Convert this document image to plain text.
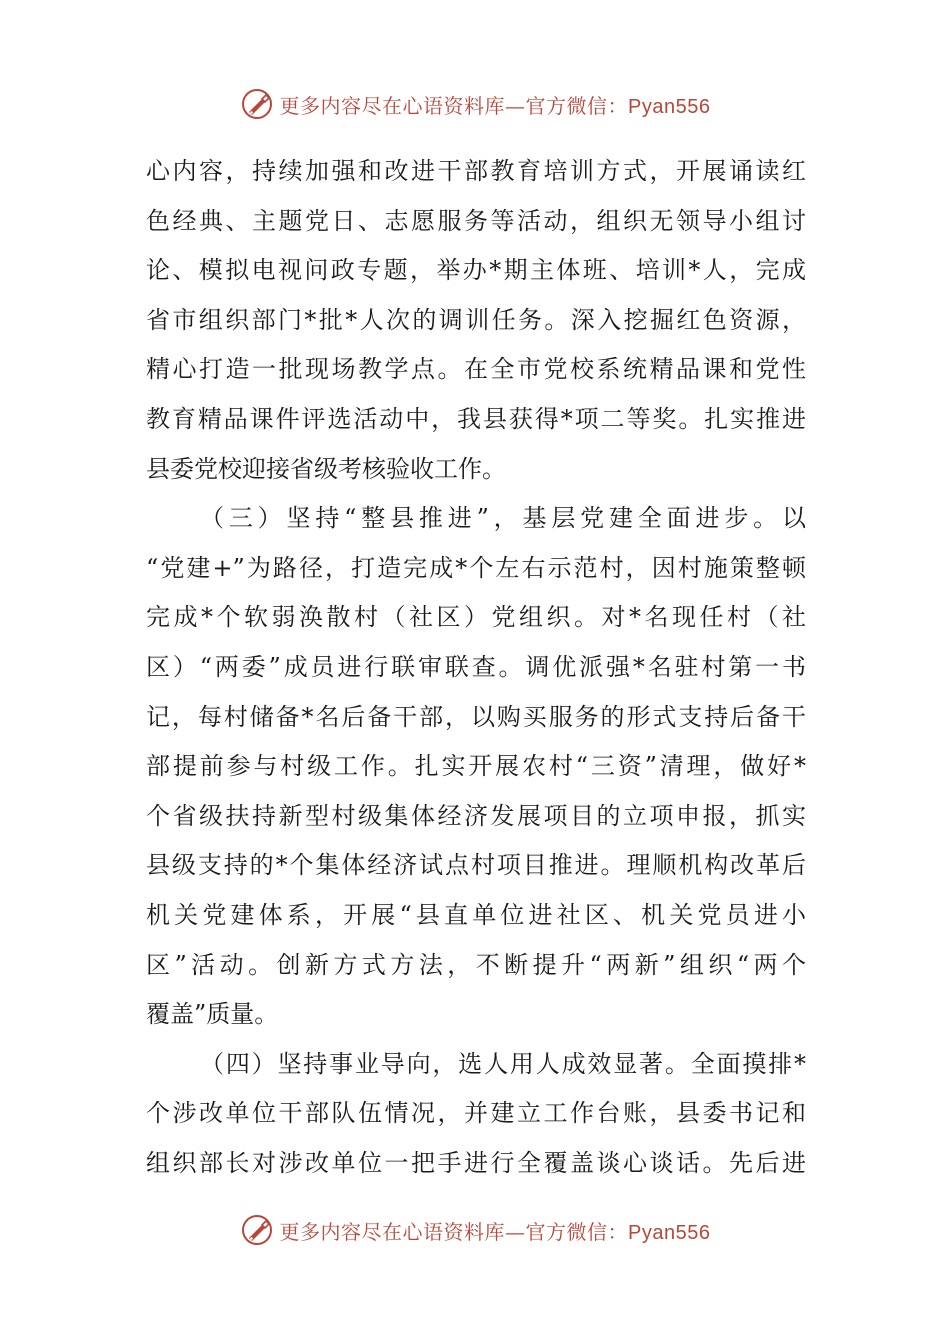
更多内容尽在心语资料库—官方微信：Pyan556
心内容，持续加强和改进干部教育培训方式，开展诵读红
色经典、主题党日、志愿服务等活动，组织无领导小组讨
论、模拟电视问政专题，举办*期主体班、培训*人，完成
省市组织部门*批*人次的调训任务。深入挖掘红色资源，
精心打造一批现场教学点。在全市党校系统精品课和党性
教育精品课件评选活动中，我县获得*项二等奖。扎实推进
县委党校迎接省级考核验收工作。
（三）坚持“整县推进”，基层党建全面进步。以
“党建+”为路径，打造完成*个左右示范村，因村施策整顿
完成*个软弱涣散村（社区）党组织。对*名现任村（社
区）“两委”成员进行联审联查。调优派强*名驻村第一书
记，每村储备*名后备干部，以购买服务的形式支持后备干
部提前参与村级工作。扎实开展农村“三资”清理，做好*
个省级扶持新型村级集体经济发展项目的立项申报，抓实
县级支持的*个集体经济试点村项目推进。理顺机构改革后
机关党建体系，开展“县直单位进社区、机关党员进小
区”活动。创新方式方法，不断提升“两新”组织“两个
覆盖”质量。
（四）坚持事业导向，选人用人成效显著。全面摸排*
个涉改单位干部队伍情况，并建立工作台账，县委书记和
组织部长对涉改单位一把手进行全覆盖谈心谈话。先后进
更多内容尽在心语资料库—官方微信：Pyan556
